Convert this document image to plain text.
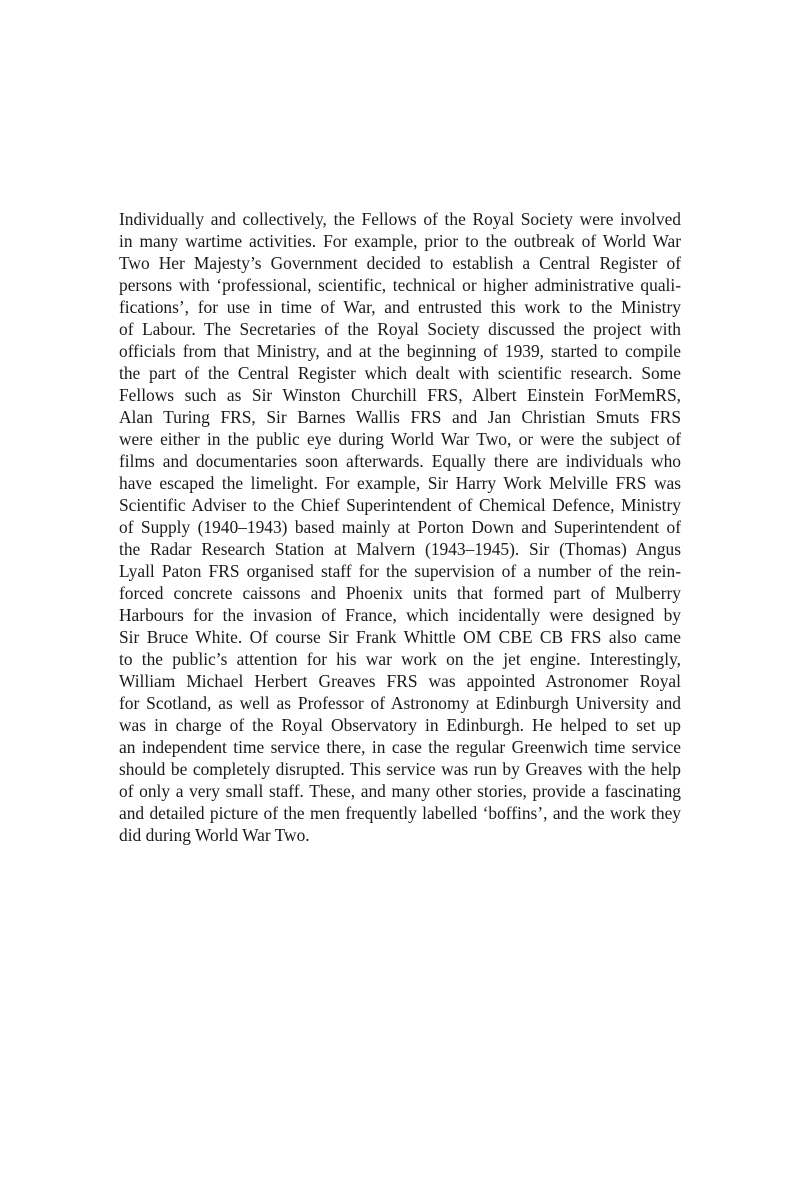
Individually and collectively, the Fellows of the Royal Society were involved
in many wartime activities. For example, prior to the outbreak of World War
Two Her Majesty’s Government decided to establish a Central Register of
persons with ‘professional, scientific, technical or higher administrative quali-
fications’, for use in time of War, and entrusted this work to the Ministry
of Labour. The Secretaries of the Royal Society discussed the project with
officials from that Ministry, and at the beginning of 1939, started to compile
the part of the Central Register which dealt with scientific research. Some
Fellows such as Sir Winston Churchill FRS, Albert Einstein ForMemRS,
Alan Turing FRS, Sir Barnes Wallis FRS and Jan Christian Smuts FRS
were either in the public eye during World War Two, or were the subject of
films and documentaries soon afterwards. Equally there are individuals who
have escaped the limelight. For example, Sir Harry Work Melville FRS was
Scientific Adviser to the Chief Superintendent of Chemical Defence, Ministry
of Supply (1940–1943) based mainly at Porton Down and Superintendent of
the Radar Research Station at Malvern (1943–1945). Sir (Thomas) Angus
Lyall Paton FRS organised staff for the supervision of a number of the rein-
forced concrete caissons and Phoenix units that formed part of Mulberry
Harbours for the invasion of France, which incidentally were designed by
Sir Bruce White. Of course Sir Frank Whittle OM CBE CB FRS also came
to the public’s attention for his war work on the jet engine. Interestingly,
William Michael Herbert Greaves FRS was appointed Astronomer Royal
for Scotland, as well as Professor of Astronomy at Edinburgh University and
was in charge of the Royal Observatory in Edinburgh. He helped to set up
an independent time service there, in case the regular Greenwich time service
should be completely disrupted. This service was run by Greaves with the help
of only a very small staff. These, and many other stories, provide a fascinating
and detailed picture of the men frequently labelled ‘boffins’, and the work they
did during World War Two.
